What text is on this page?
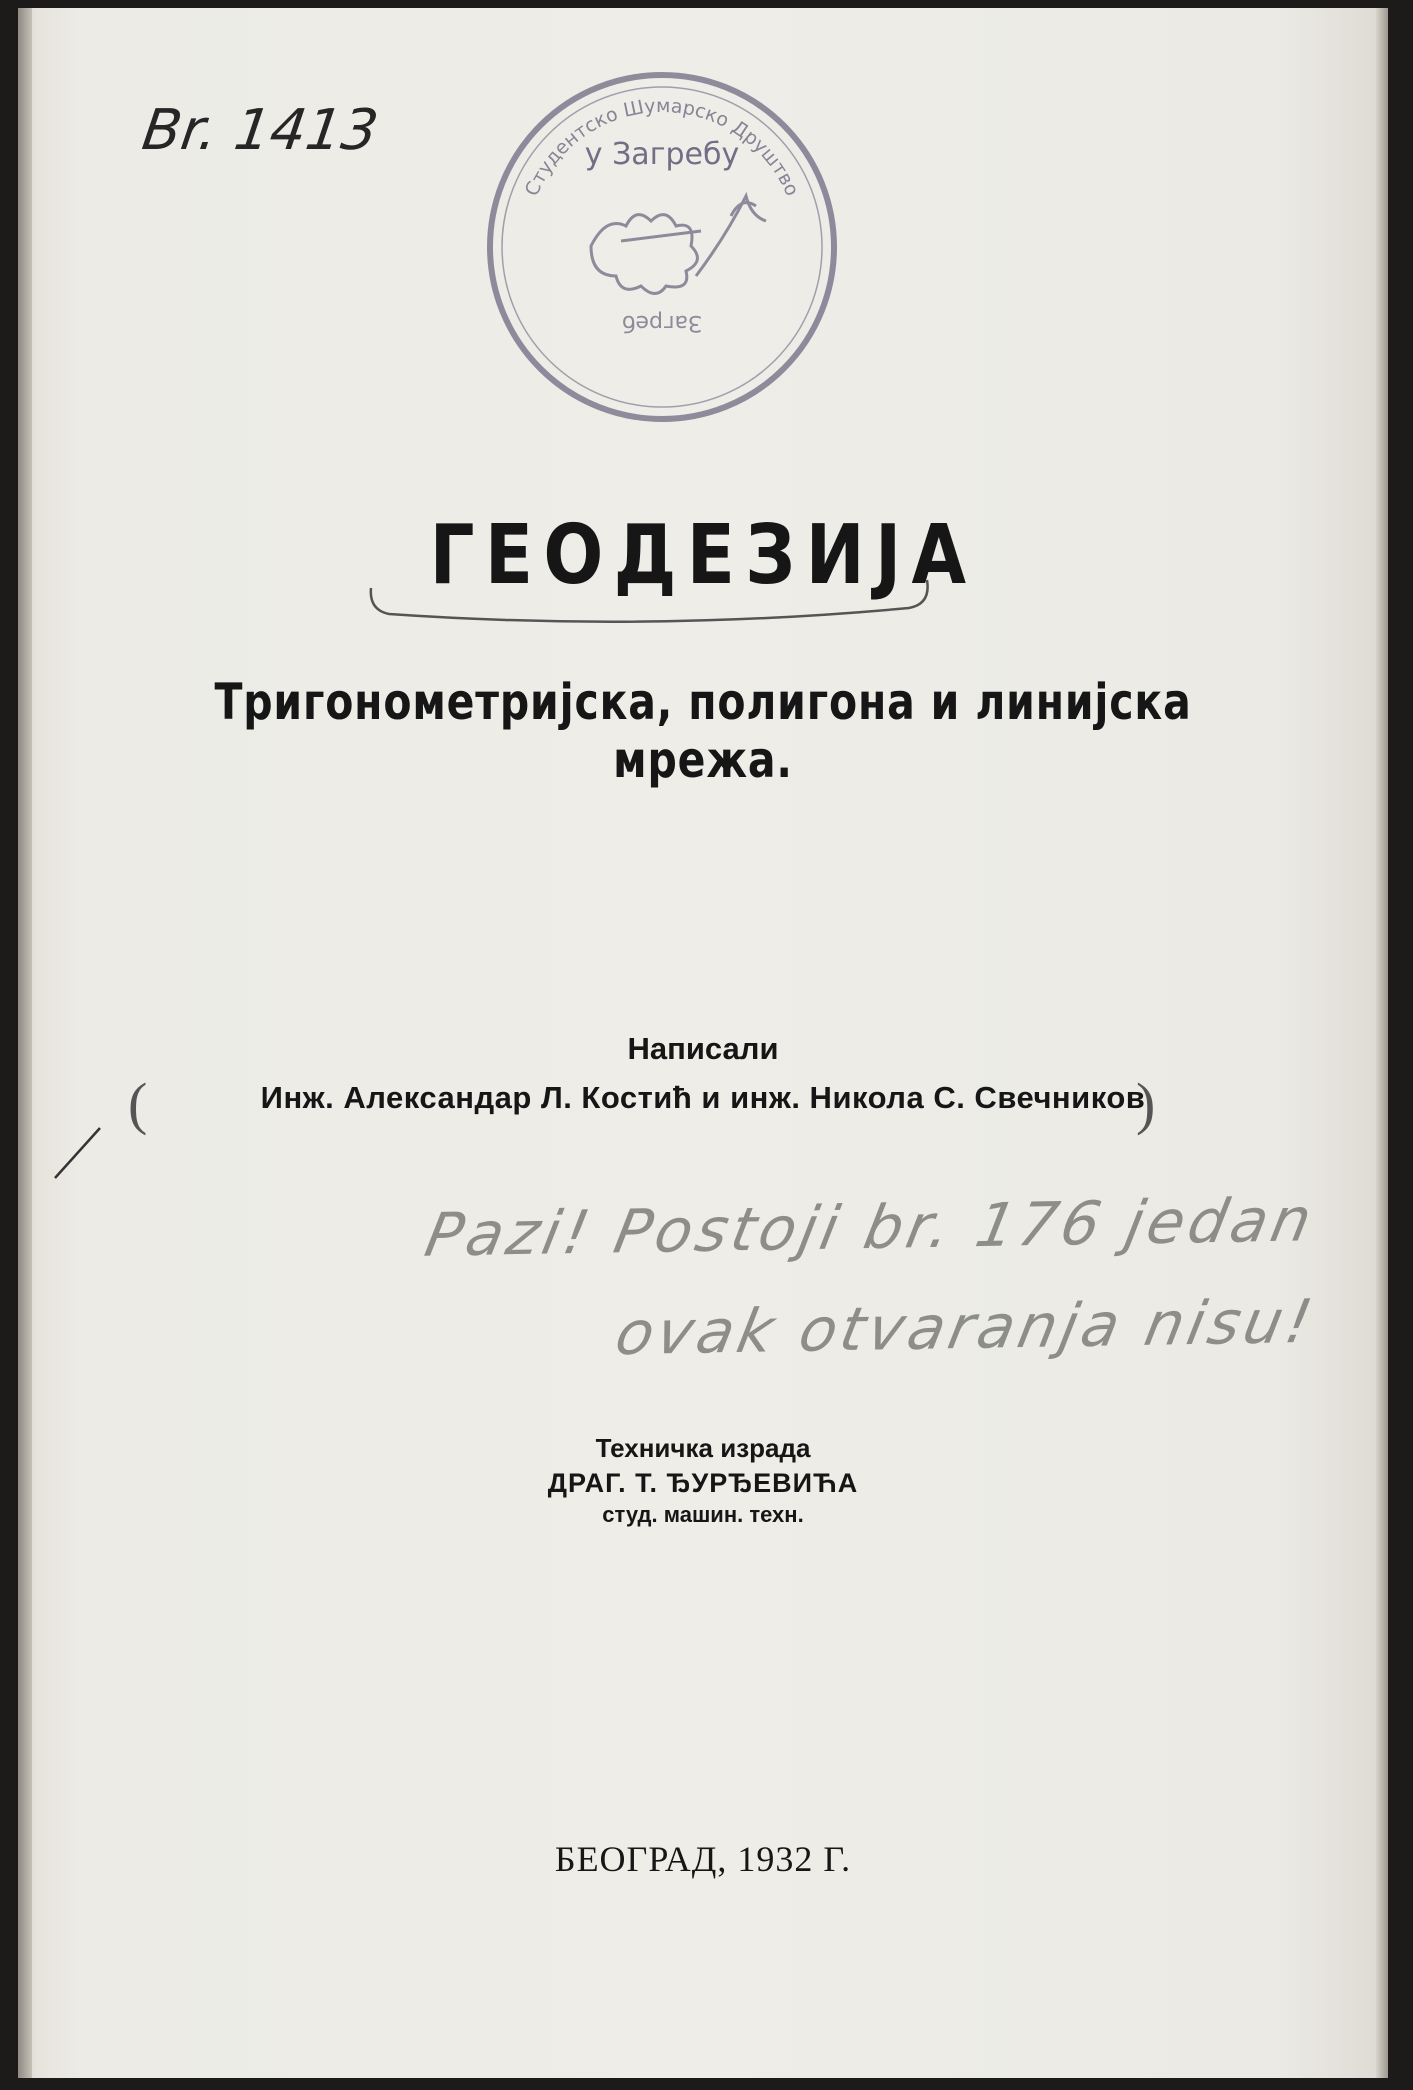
Br. 1413
Студентско Шумарско Друштво
у Загребу
Загреб
ГЕОДЕЗИЈА
Тригонометријска, полигона и линијска мрежа.
Написали
(	Инж. Александар Л. Костић и инж. Никола С. Свечников
)
Pazi! Postoji br. 176 jedan
ovak otvaranja nisu!
Техничка израда
ДРАГ. Т. ЂУРЂЕВИЋА
студ. машин. техн.
БЕОГРАД, 1932 Г.
